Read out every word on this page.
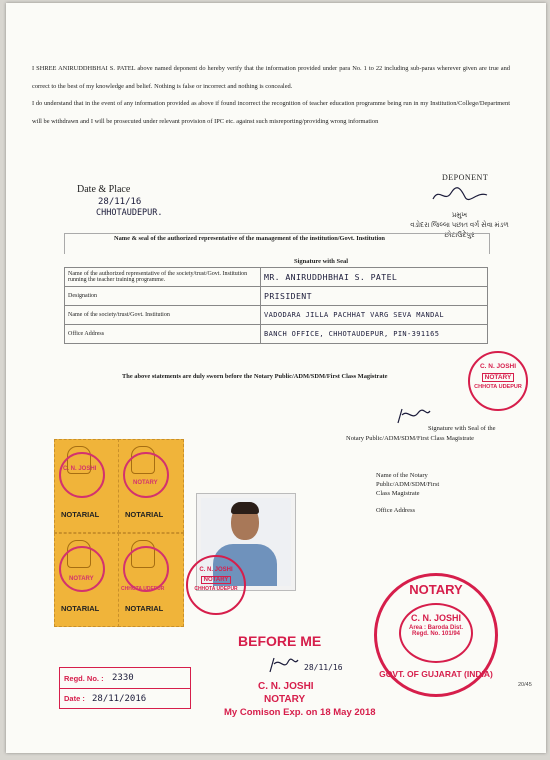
I SHREE ANIRUDDHBHAI S. PATEL above named deponent do hereby verify that the information provided under para No. 1 to 22 including sub-paras wherever given are true and correct to the best of my knowledge and belief. Nothing is false or incorrect and nothing is concealed.
I do understand that in the event of any information provided as above if found incorrect the recognition of teacher education programme being run in my Institution/College/Department will be withdrawn and I will be prosecuted under relevant provision of IPC etc. against such misreporting/providing wrong information

DEPONENT
પ્રમુખ
વડોદરા જિલ્લા પછાત વર્ગ સેવા મંડળ
છોટાઉદેપુર
Date & Place
28/11/16
CHHOTAUDEPUR.
Name & seal of the authorized representative of the management of the institution/Govt. Institution
Signature with Seal
Name of the authorized representative of the society/trust/Govt. Institution running the teacher training programme.	MR. ANIRUDDHBHAI S. PATEL
Designation	PRISIDENT
Name of the society/trust/Govt. Institution	VADODARA JILLA PACHHAT VARG SEVA MANDAL
Office Address	BANCH OFFICE, CHHOTAUDEPUR, PIN-391165
The above statements are duly sworn before the Notary Public/ADM/SDM/First Class Magistrate
C. N. JOSHI
NOTARY
CHHOTA UDEPUR
Signature with Seal of the
Notary Public/ADM/SDM/First Class Magistrate
Name of the Notary
Public/ADM/SDM/First
Class Magistrate
Office Address
C. N. JOSHI
NOTARIAL
NOTARY
NOTARIAL
NOTARY
NOTARIAL
CHHOTA UDEPUR
NOTARIAL
C. N. JOSHI
NOTARY
CHHOTA UDEPUR	NOTARY
C. N. JOSHI
Area : Baroda Dist.
Regd. No. 101/94
GOVT. OF GUJARAT (INDIA)
BEFORE ME
28/11/16
C. N. JOSHI
NOTARY
My Comison Exp. on 18 May 2018
Regd. No. : 2330
Date : 28/11/2016
20/45
